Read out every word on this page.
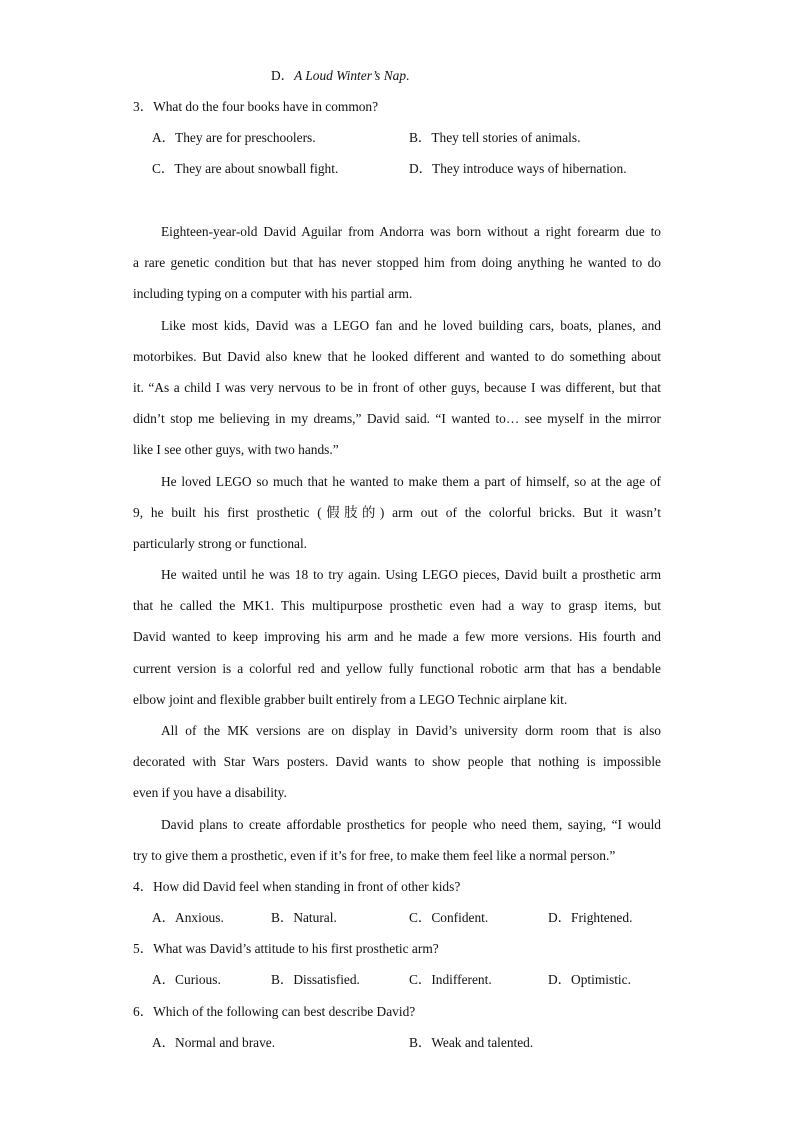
D．A Loud Winter’s Nap.
3．What do the four books have in common?
A．They are for preschoolers.	B．They tell stories of animals.
C．They are about snowball fight.	D．They introduce ways of hibernation.
Eighteen-year-old David Aguilar from Andorra was born without a right forearm due to
a rare genetic condition but that has never stopped him from doing anything he wanted to do
including typing on a computer with his partial arm.
Like most kids, David was a LEGO fan and he loved building cars, boats, planes, and
motorbikes. But David also knew that he looked different and wanted to do something about
it. “As a child I was very nervous to be in front of other guys, because I was different, but that
didn’t stop me believing in my dreams,” David said. “I wanted to… see myself in the mirror
like I see other guys, with two hands.”
He loved LEGO so much that he wanted to make them a part of himself, so at the age of
9, he built his first prosthetic (假肢的) arm out of the colorful bricks. But it wasn’t
particularly strong or functional.
He waited until he was 18 to try again. Using LEGO pieces, David built a prosthetic arm
that he called the MK1. This multipurpose prosthetic even had a way to grasp items, but
David wanted to keep improving his arm and he made a few more versions. His fourth and
current version is a colorful red and yellow fully functional robotic arm that has a bendable
elbow joint and flexible grabber built entirely from a LEGO Technic airplane kit.
All of the MK versions are on display in David’s university dorm room that is also
decorated with Star Wars posters. David wants to show people that nothing is impossible
even if you have a disability.
David plans to create affordable prosthetics for people who need them, saying, “I would
try to give them a prosthetic, even if it’s for free, to make them feel like a normal person.”
4．How did David feel when standing in front of other kids?
A．Anxious.	B．Natural.	C．Confident.	D．Frightened.
5．What was David’s attitude to his first prosthetic arm?
A．Curious.	B．Dissatisfied.	C．Indifferent.	D．Optimistic.
6．Which of the following can best describe David?
A．Normal and brave.	B．Weak and talented.
